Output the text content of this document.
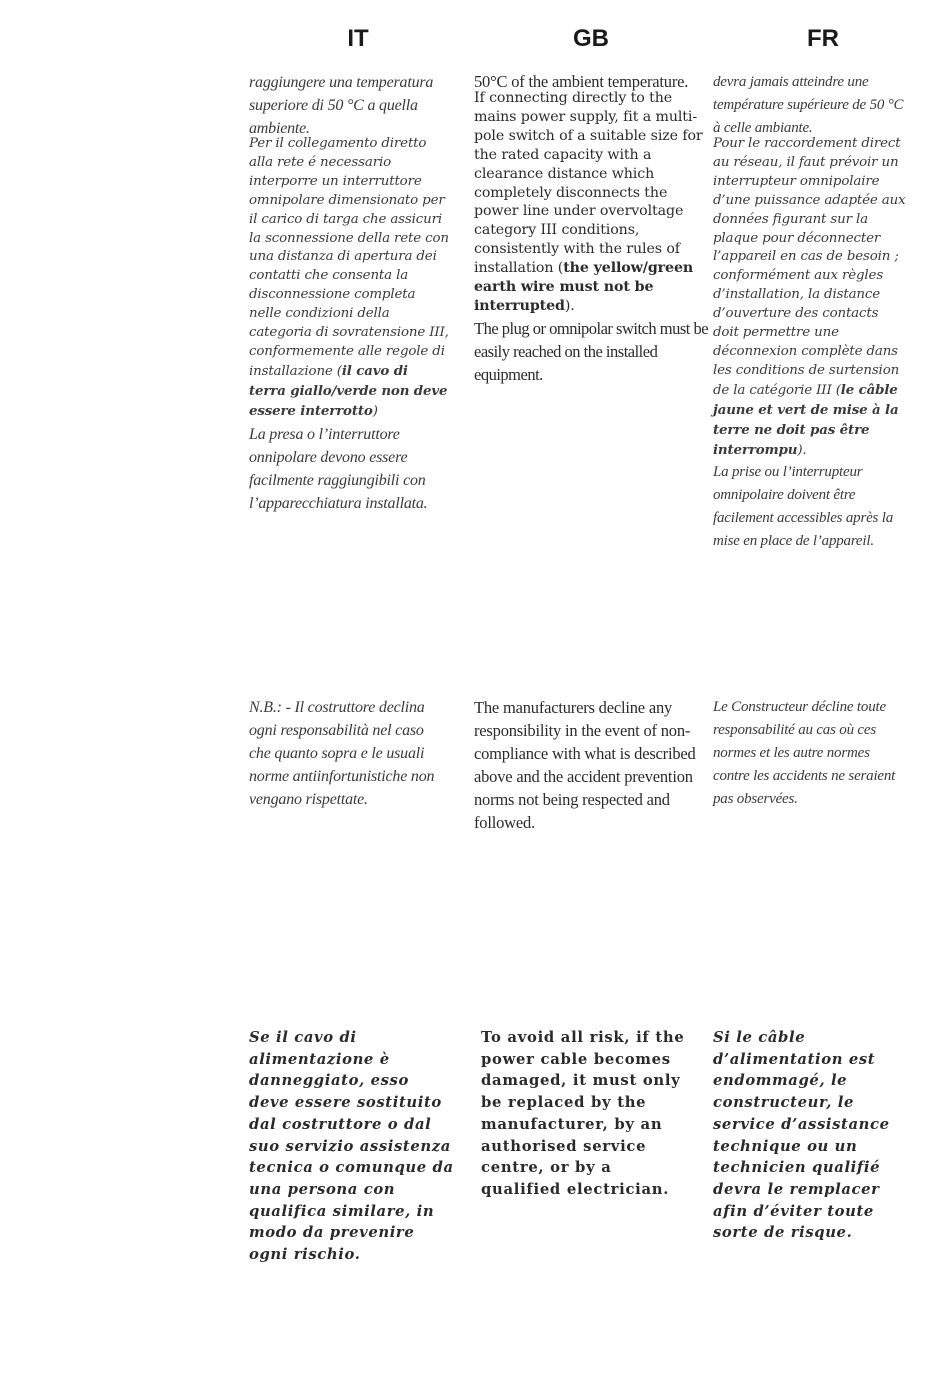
IT	GB	FR

raggiungere una temperatura superiore di 50 °C a quella ambiente.

Per il collegamento diretto alla rete é necessario interporre un interruttore omnipolare dimensionato per il carico di targa che assicuri la sconnessione della rete con una distanza di apertura dei contatti che consenta la disconnessione completa nelle condizioni della categoria di sovratensione III, conformemente alle regole di installazione (il cavo di terra giallo/verde non deve essere interrotto)

La presa o l’interruttore onnipolare devono essere facilmente raggiungibili con l’apparecchiatura installata.

50°C of the ambient temperature.

If connecting directly to the mains power supply, fit a multi-pole switch of a suitable size for the rated capacity with a clearance distance which completely disconnects the power line under overvoltage category III conditions, consistently with the rules of installation (the yellow/green earth wire must not be interrupted).

The plug or omnipolar switch must be easily reached on the installed equipment.

devra jamais atteindre une température supérieure de 50 °C à celle ambiante.

Pour le raccordement direct au réseau, il faut prévoir un interrupteur omnipolaire d’une puissance adaptée aux données figurant sur la plaque pour déconnecter l’appareil en cas de besoin ; conformément aux règles d’installation, la distance d’ouverture des contacts doit permettre une déconnexion complète dans les conditions de surtension de la catégorie III (le câble jaune et vert de mise à la terre ne doit pas être interrompu).

La prise ou l’interrupteur omnipolaire doivent être facilement accessibles après la mise en place de l’appareil.

N.B.: - Il costruttore declina ogni responsabilità nel caso che quanto sopra e le usuali norme antiinfortunistiche non vengano rispettate.

The manufacturers decline any responsibility in the event of non-compliance with what is described above and the accident prevention norms not being respected and followed.

Le Constructeur décline toute responsabilité au cas où ces normes et les autre normes contre les accidents ne seraient pas observées.

Se il cavo di alimentazione è danneggiato, esso deve essere sostituito dal costruttore o dal suo servizio assistenza tecnica o comunque da una persona con qualifica similare, in modo da prevenire ogni rischio.

To avoid all risk, if the power cable becomes damaged, it must only be replaced by the manufacturer, by an authorised service centre, or by a qualified electrician.

Si le câble d’alimentation est endommagé, le constructeur, le service d’assistance technique ou un technicien qualifié devra le remplacer afin d’éviter toute sorte de risque.
